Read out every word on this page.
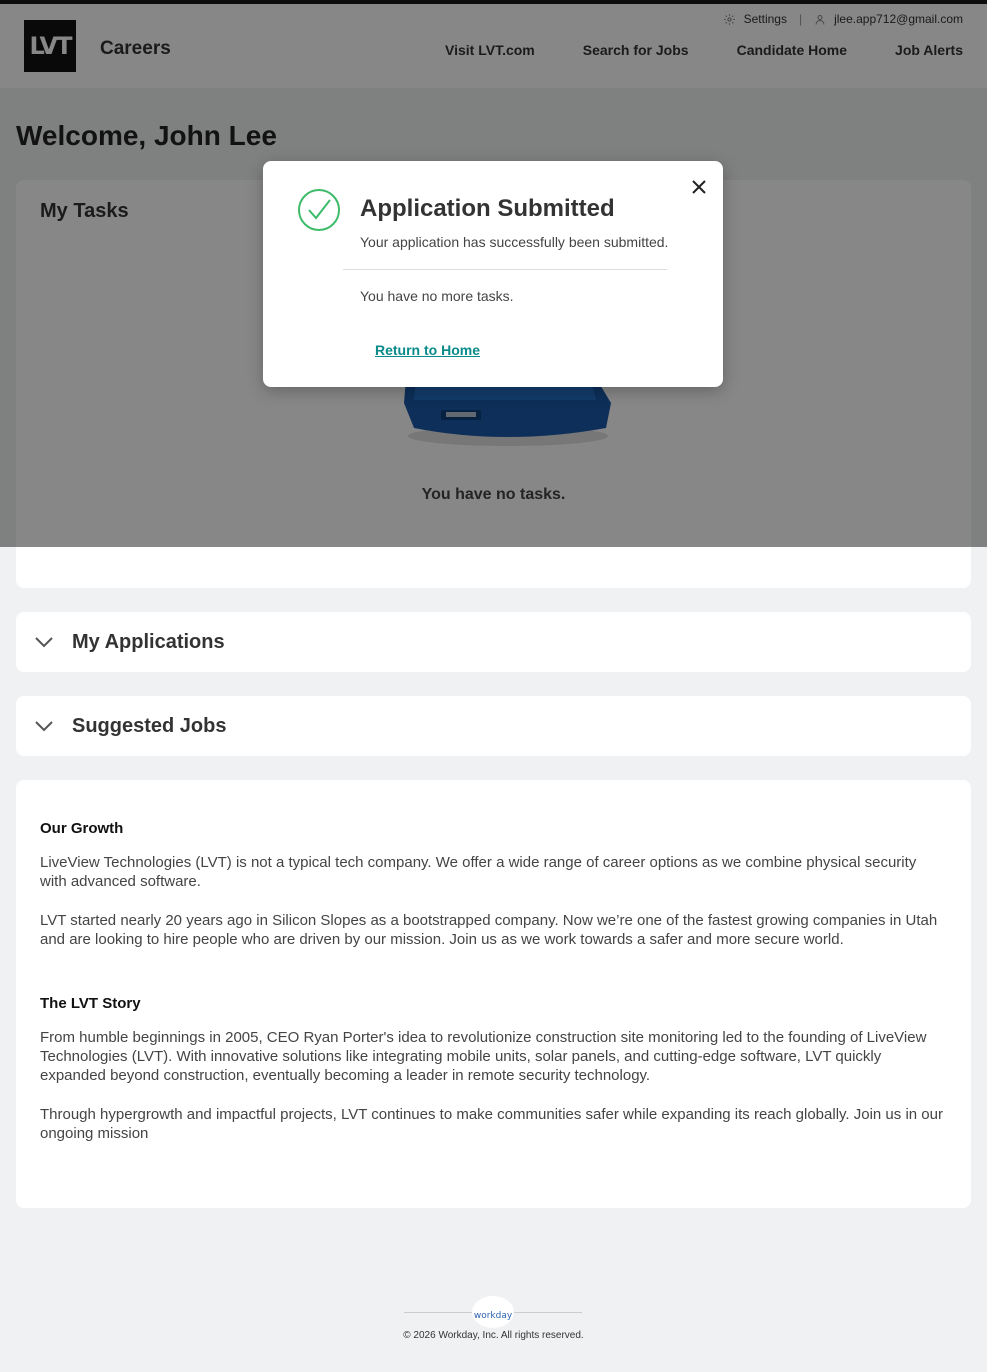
LVT Careers
Settings |	jlee.app712@gmail.com
Visit LVT.com	Search for Jobs	Candidate Home	Job Alerts
Welcome, John Lee
My Tasks
You have no tasks.
My Applications
Suggested Jobs
Our Growth

LiveView Technologies (LVT) is not a typical tech company. We offer a wide range of career options as we combine physical security with advanced software.

LVT started nearly 20 years ago in Silicon Slopes as a bootstrapped company. Now we’re one of the fastest growing companies in Utah and are looking to hire people who are driven by our mission. Join us as we work towards a safer and more secure world.

The LVT Story

From humble beginnings in 2005, CEO Ryan Porter's idea to revolutionize construction site monitoring led to the founding of LiveView Technologies (LVT). With innovative solutions like integrating mobile units, solar panels, and cutting-edge software, LVT quickly expanded beyond construction, eventually becoming a leader in remote security technology.

Through hypergrowth and impactful projects, LVT continues to make communities safer while expanding its reach globally. Join us in our ongoing mission

Application Submitted
Your application has successfully been submitted.
You have no more tasks.
Return to Home
workday
© 2026 Workday, Inc. All rights reserved.
